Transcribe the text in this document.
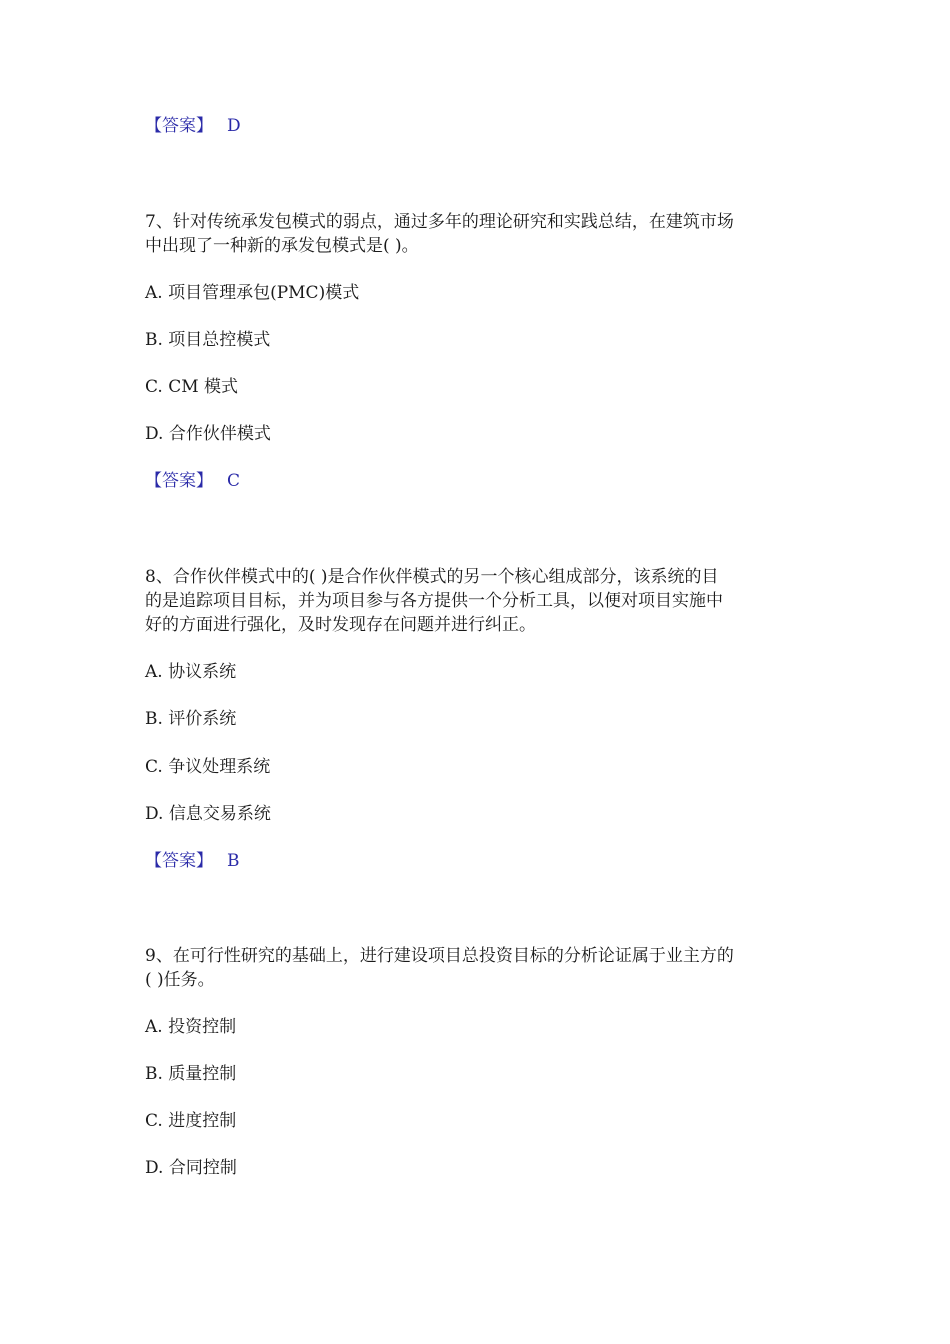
【答案】 D
7、针对传统承发包模式的弱点，通过多年的理论研究和实践总结，在建筑市场
中出现了一种新的承发包模式是( )。
A. 项目管理承包(PMC)模式
B. 项目总控模式
C. CM 模式
D. 合作伙伴模式
【答案】 C
8、合作伙伴模式中的( )是合作伙伴模式的另一个核心组成部分，该系统的目
的是追踪项目目标，并为项目参与各方提供一个分析工具，以便对项目实施中
好的方面进行强化，及时发现存在问题并进行纠正。
A. 协议系统
B. 评价系统
C. 争议处理系统
D. 信息交易系统
【答案】 B
9、在可行性研究的基础上，进行建设项目总投资目标的分析论证属于业主方的
( )任务。
A. 投资控制
B. 质量控制
C. 进度控制
D. 合同控制
